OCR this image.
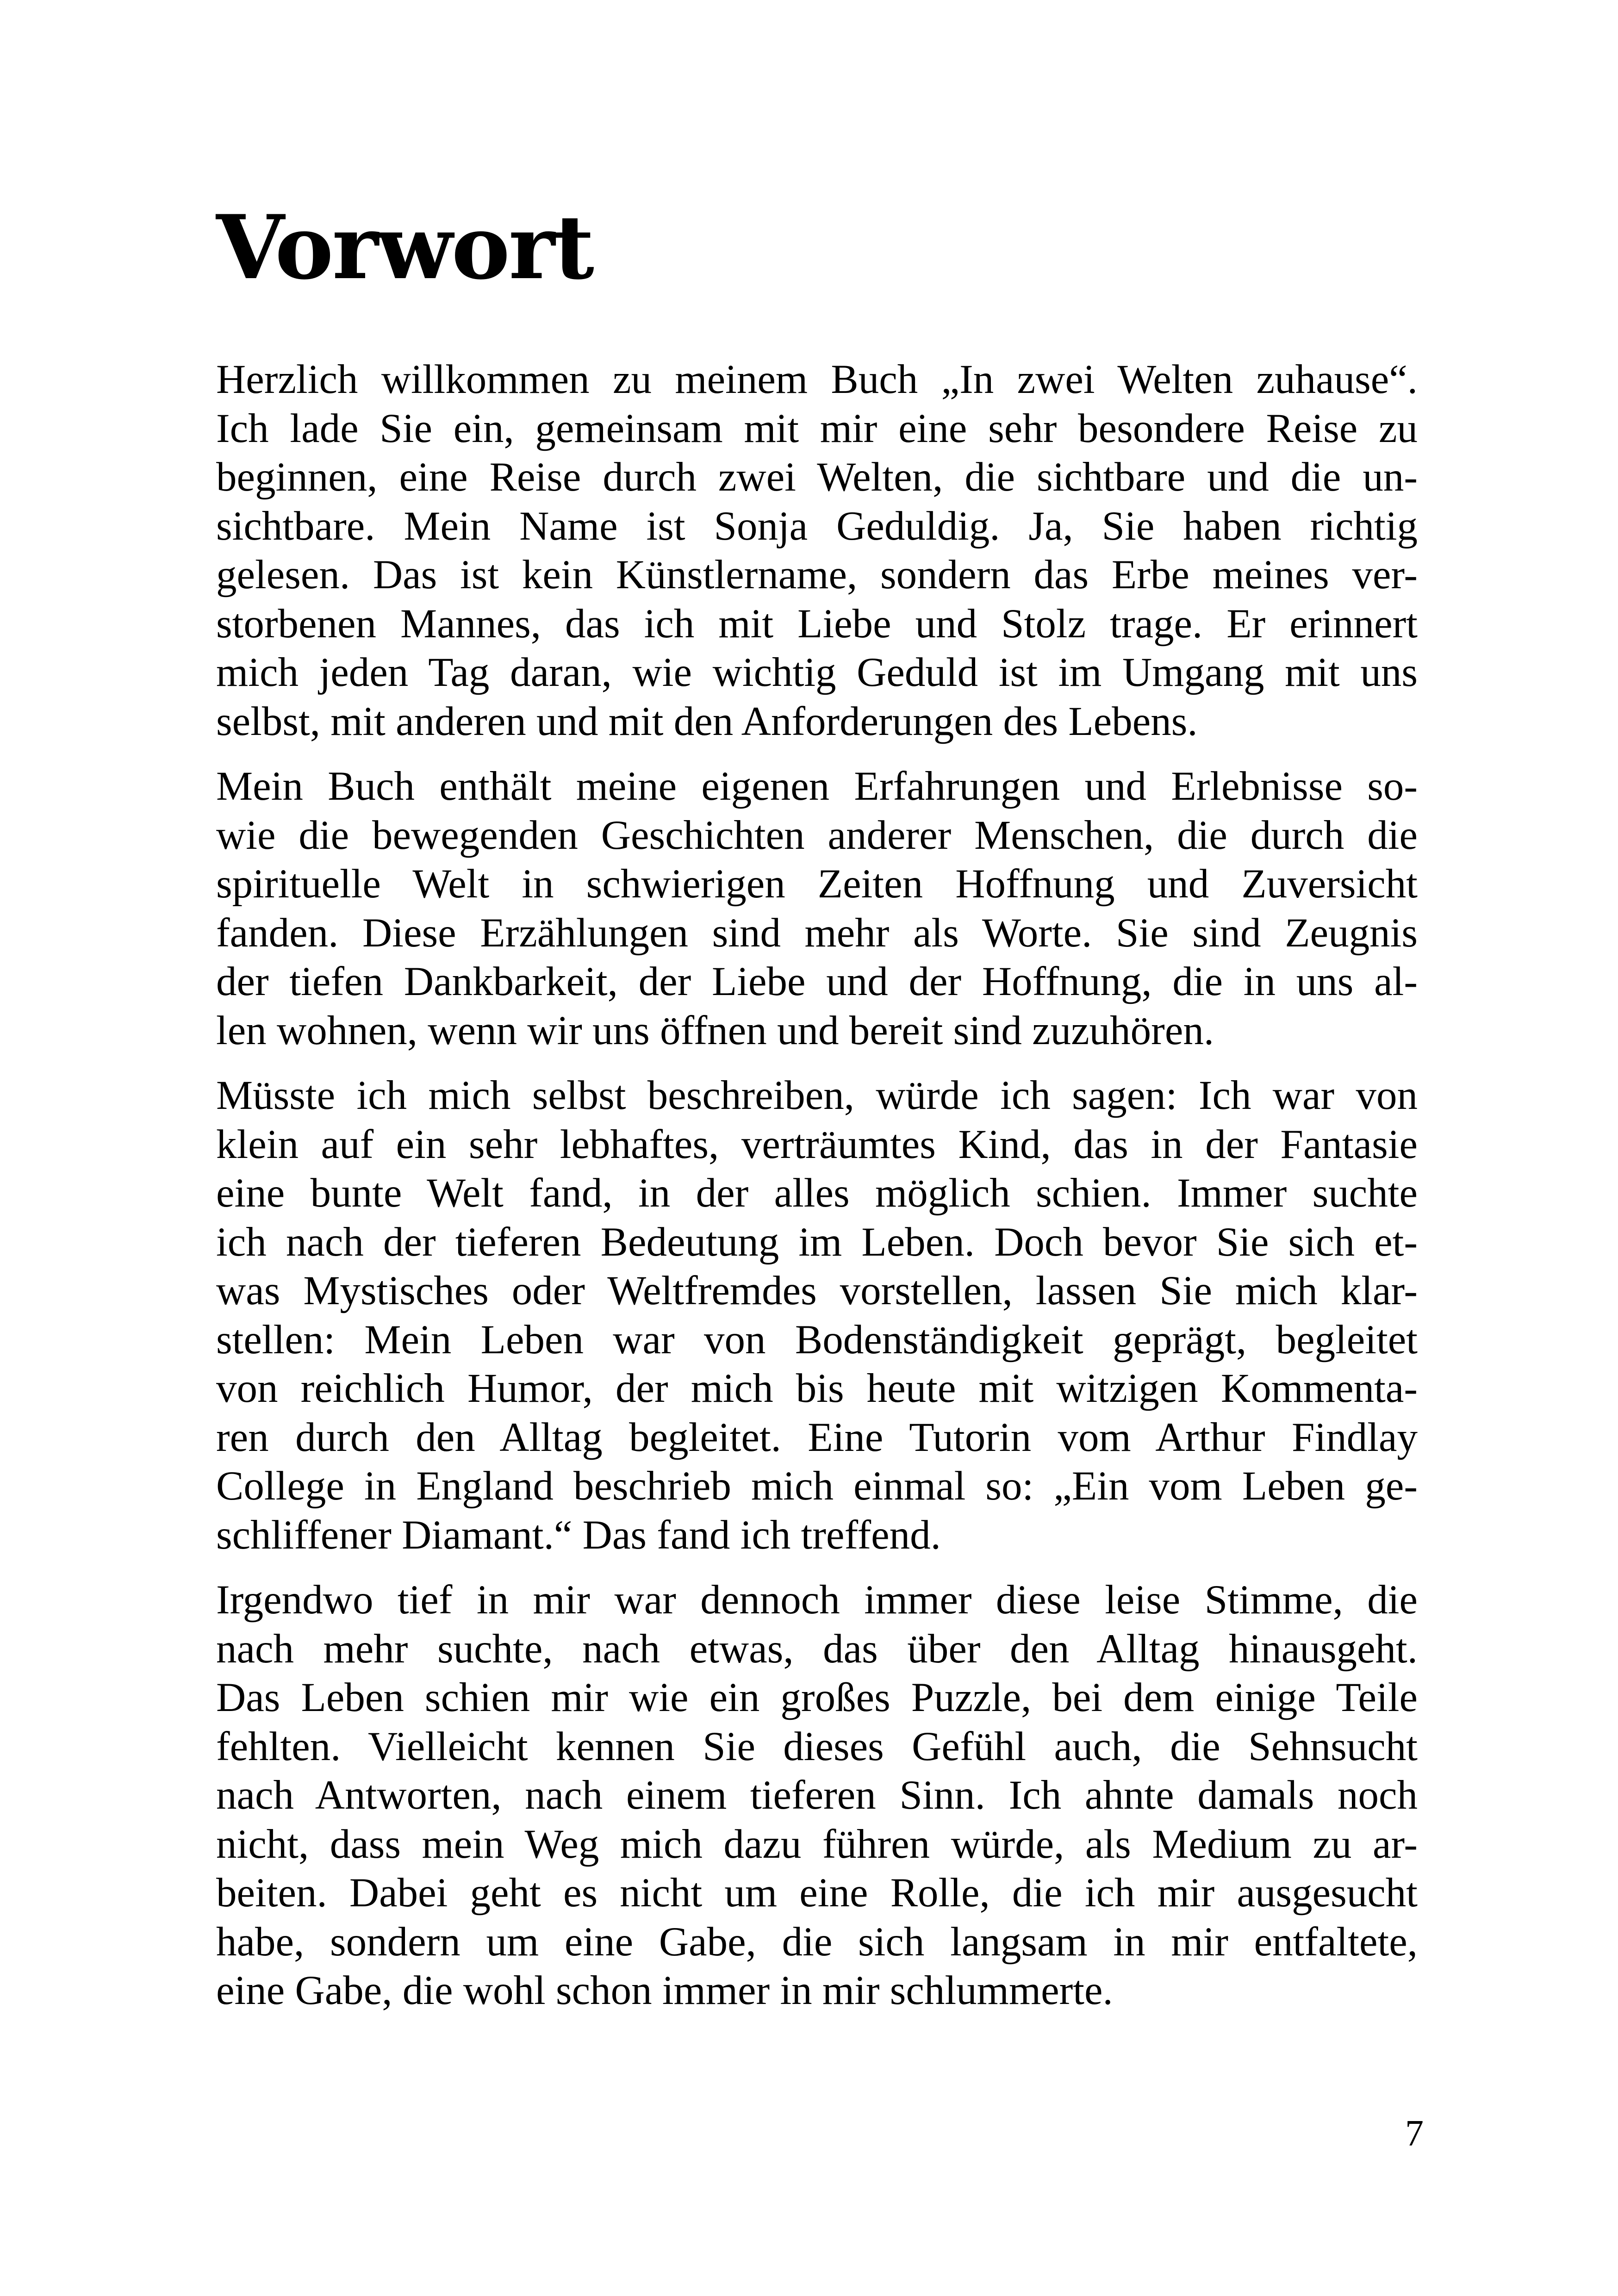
Vorwort

Herzlich willkommen zu meinem Buch „In zwei Welten zuhause“.
Ich lade Sie ein, gemeinsam mit mir eine sehr besondere Reise zu
beginnen, eine Reise durch zwei Welten, die sichtbare und die un-
sichtbare. Mein Name ist Sonja Geduldig. Ja, Sie haben richtig
gelesen. Das ist kein Künstlername, sondern das Erbe meines ver-
storbenen Mannes, das ich mit Liebe und Stolz trage. Er erinnert
mich jeden Tag daran, wie wichtig Geduld ist im Umgang mit uns
selbst, mit anderen und mit den Anforderungen des Lebens.

Mein Buch enthält meine eigenen Erfahrungen und Erlebnisse so-
wie die bewegenden Geschichten anderer Menschen, die durch die
spirituelle Welt in schwierigen Zeiten Hoffnung und Zuversicht
fanden. Diese Erzählungen sind mehr als Worte. Sie sind Zeugnis
der tiefen Dankbarkeit, der Liebe und der Hoffnung, die in uns al-
len wohnen, wenn wir uns öffnen und bereit sind zuzuhören.

Müsste ich mich selbst beschreiben, würde ich sagen: Ich war von
klein auf ein sehr lebhaftes, verträumtes Kind, das in der Fantasie
eine bunte Welt fand, in der alles möglich schien. Immer suchte
ich nach der tieferen Bedeutung im Leben. Doch bevor Sie sich et-
was Mystisches oder Weltfremdes vorstellen, lassen Sie mich klar-
stellen: Mein Leben war von Bodenständigkeit geprägt, begleitet
von reichlich Humor, der mich bis heute mit witzigen Kommenta-
ren durch den Alltag begleitet. Eine Tutorin vom Arthur Findlay
College in England beschrieb mich einmal so: „Ein vom Leben ge-
schliffener Diamant.“ Das fand ich treffend.

Irgendwo tief in mir war dennoch immer diese leise Stimme, die
nach mehr suchte, nach etwas, das über den Alltag hinausgeht.
Das Leben schien mir wie ein großes Puzzle, bei dem einige Teile
fehlten. Vielleicht kennen Sie dieses Gefühl auch, die Sehnsucht
nach Antworten, nach einem tieferen Sinn. Ich ahnte damals noch
nicht, dass mein Weg mich dazu führen würde, als Medium zu ar-
beiten. Dabei geht es nicht um eine Rolle, die ich mir ausgesucht
habe, sondern um eine Gabe, die sich langsam in mir entfaltete,
eine Gabe, die wohl schon immer in mir schlummerte.

7
